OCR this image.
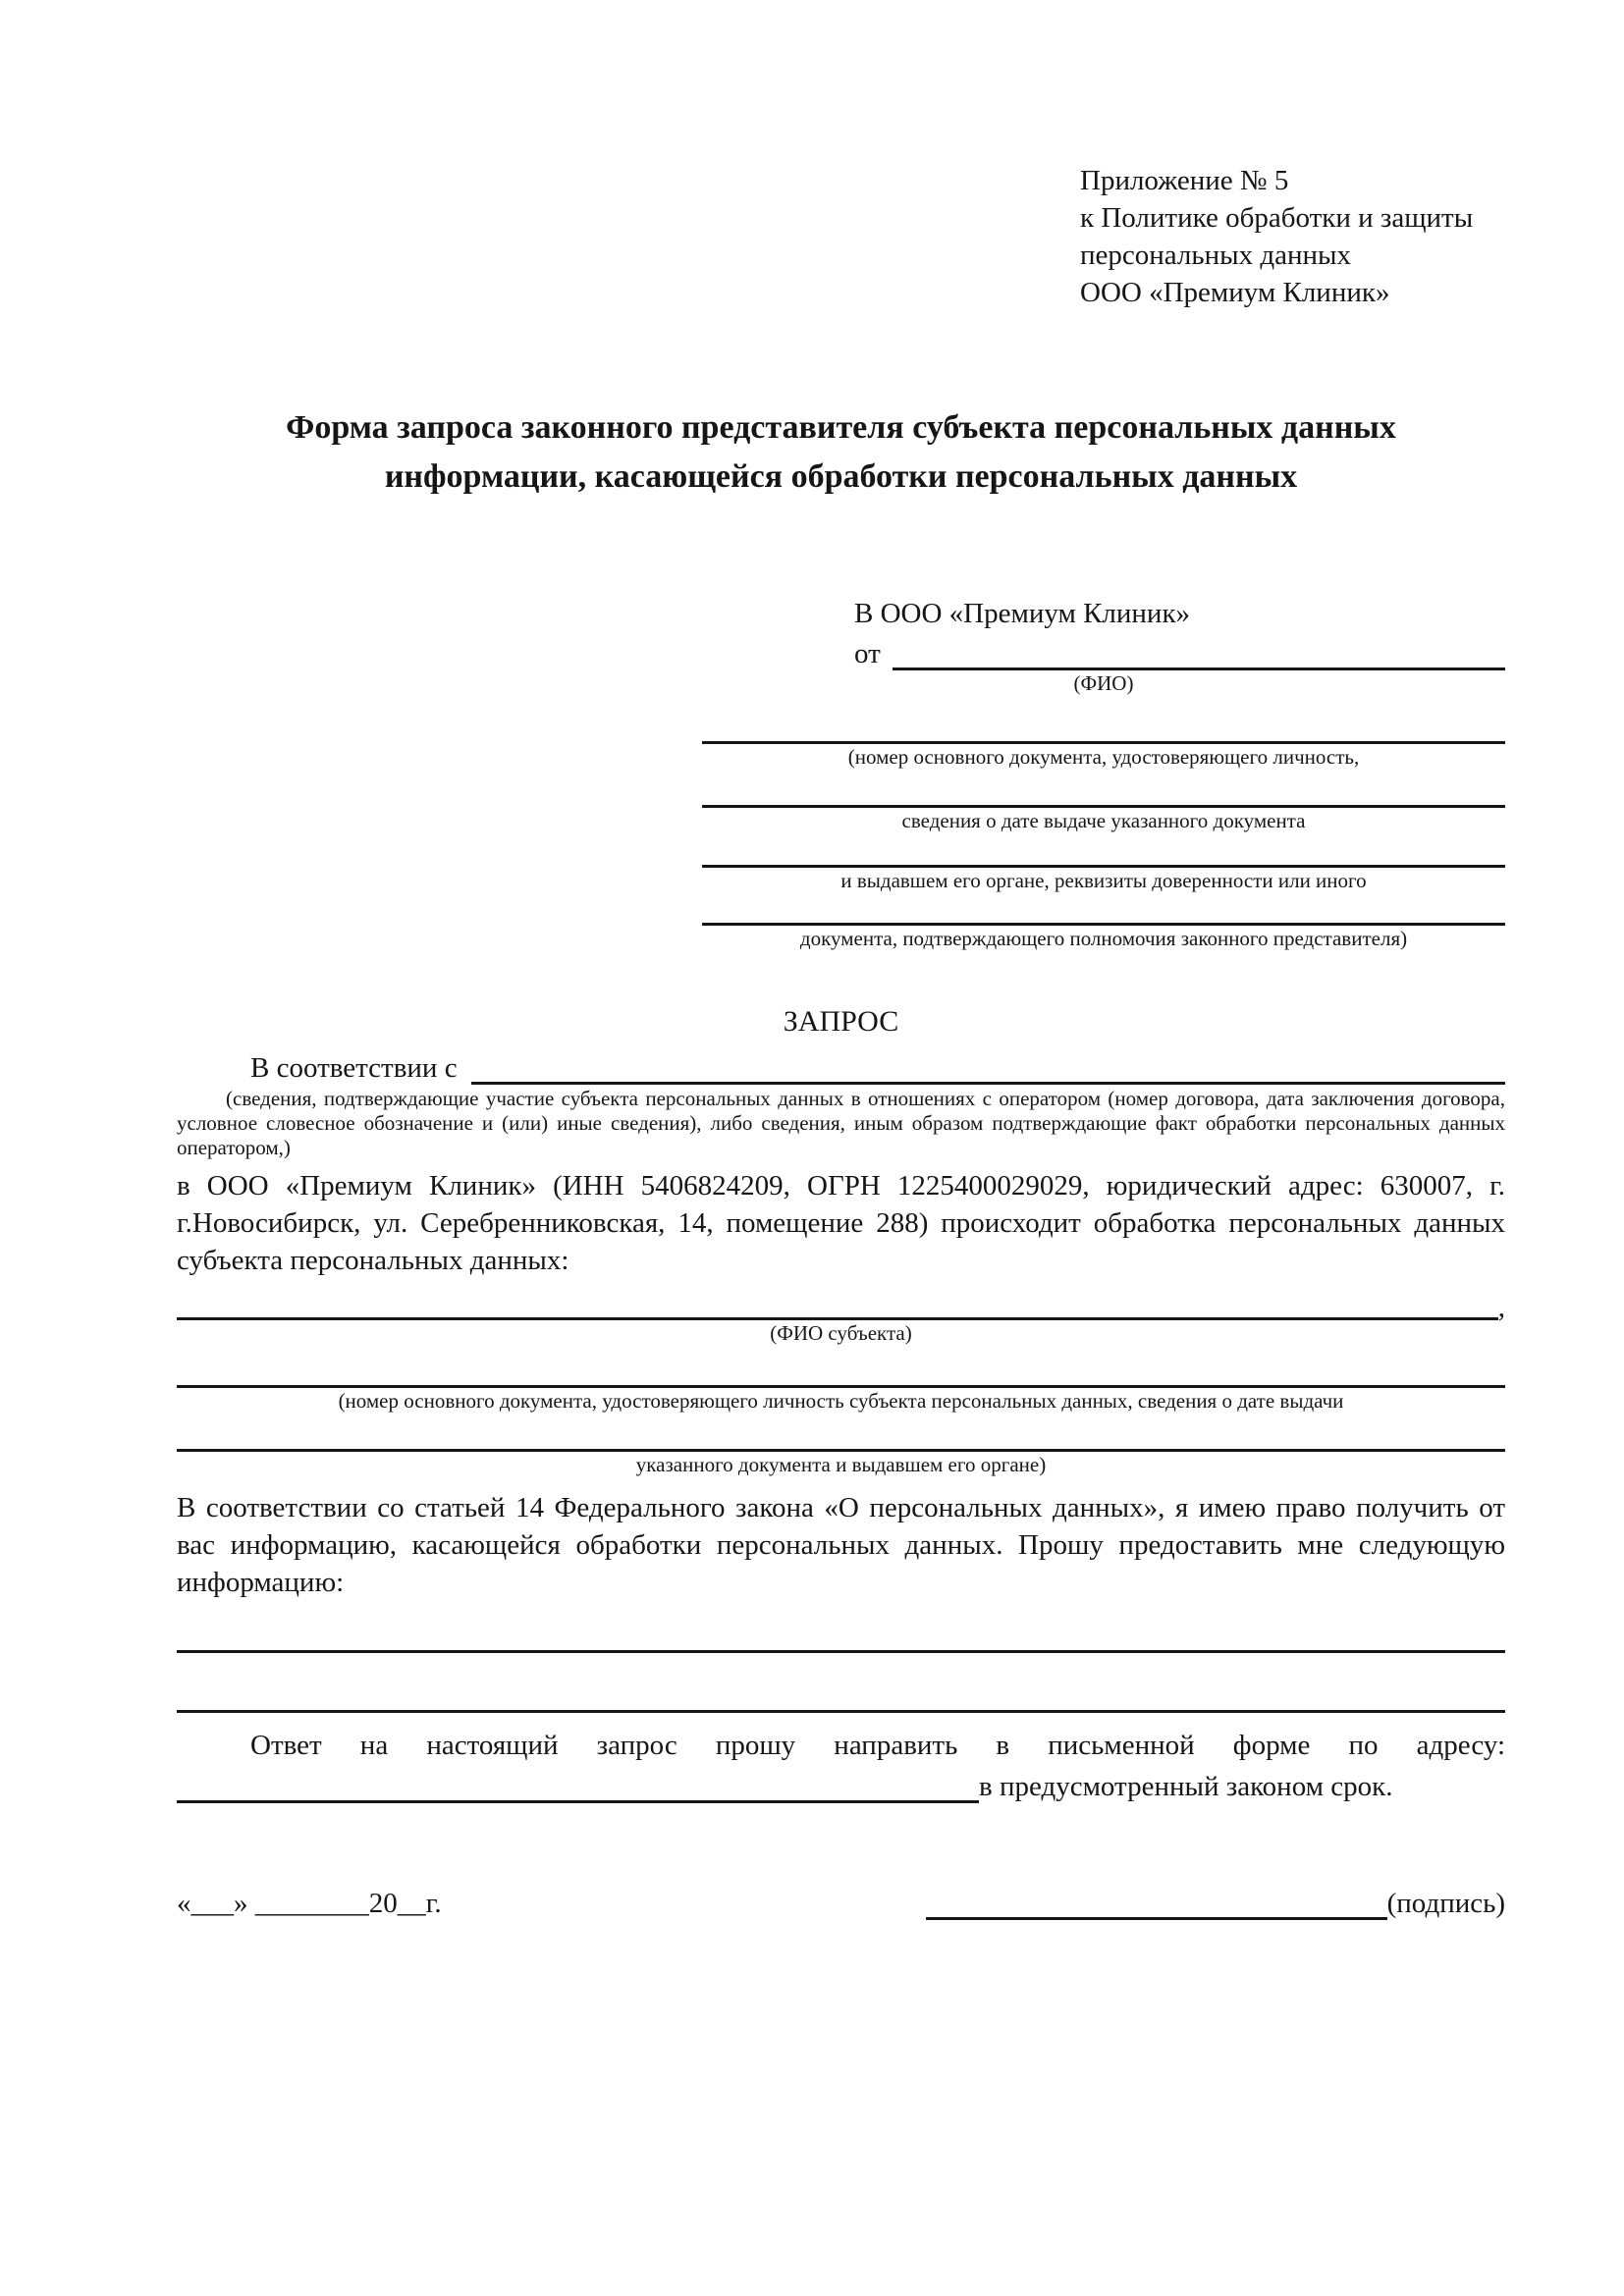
Приложение № 5
к Политике обработки и защиты
персональных данных
ООО «Премиум Клиник»
Форма запроса законного представителя субъекта персональных данных информации, касающейся обработки персональных данных
В ООО «Премиум Клиник»
от
(ФИО)
(номер основного документа, удостоверяющего личность,
сведения о дате выдаче указанного документа
и выдавшем его органе, реквизиты доверенности или иного
документа, подтверждающего полномочия законного представителя)
ЗАПРОС
В соответствии с
(сведения, подтверждающие участие субъекта персональных данных в отношениях с оператором (номер договора, дата заключения договора, условное словесное обозначение и (или) иные сведения), либо сведения, иным образом подтверждающие факт обработки персональных данных оператором,)
в ООО «Премиум Клиник» (ИНН 5406824209, ОГРН 1225400029029, юридический адрес: 630007, г. г.Новосибирск, ул. Серебренниковская, 14, помещение 288) происходит обработка персональных данных субъекта персональных данных:
,
(ФИО субъекта)
(номер основного документа, удостоверяющего личность субъекта персональных данных, сведения о дате выдачи
указанного документа и выдавшем его органе)
В соответствии со статьей 14 Федерального закона «О персональных данных», я имею право получить от вас информацию, касающейся обработки персональных данных. Прошу предоставить мне следующую информацию:
Ответ на настоящий запрос прошу направить в письменной форме по адресу:
в предусмотренный законом срок.
«___» ________20__г.	(подпись)
